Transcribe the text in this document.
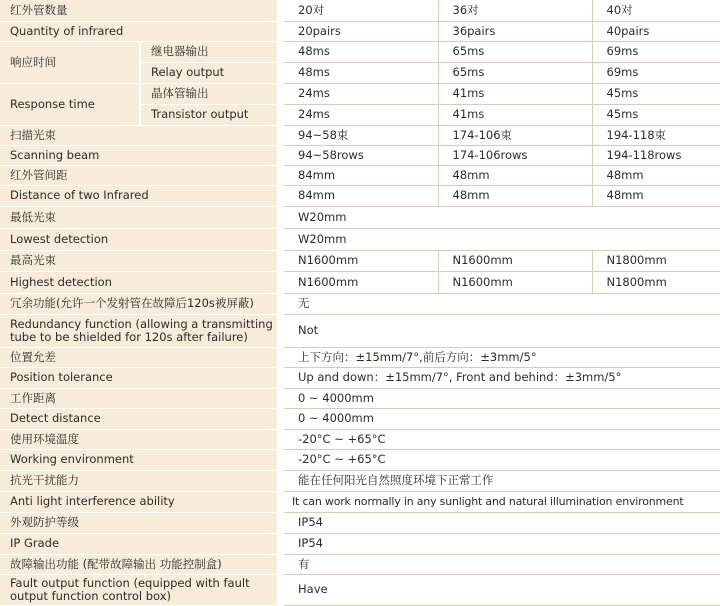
红外管数量			20对	36对	40对
Quantity of infrared			20pairs	36pairs	40pairs
响应时间	继电器输出		48ms	65ms	69ms
	Relay output		48ms	65ms	69ms
Response time	晶体管输出		24ms	41ms	45ms
	Transistor output		24ms	41ms	45ms
扫描光束			94~58束	174-106束	194-118束
Scanning beam			94~58rows	174-106rows	194-118rows
红外管间距			84mm	48mm	48mm
Distance of two Infrared			84mm	48mm	48mm
最低光束			W20mm		
Lowest detection			W20mm		
最高光束			N1600mm	N1600mm	N1800mm
Highest detection			N1600mm	N1600mm	N1800mm
冗余功能(允许一个发射管在故障后120s被屏蔽)			无		
Redundancy function (allowing a transmitting tube to be shielded for 120s after failure)			Not		
位置允差			上下方向：±15mm/7°,前后方向：±3mm/5°		
Position tolerance			Up and down：±15mm/7°, Front and behind：±3mm/5°		
工作距离			0 ~ 4000mm		
Detect distance			0 ~ 4000mm		
使用环境温度			-20°C ~ +65°C		
Working environment			-20°C ~ +65°C		
抗光干扰能力			能在任何阳光自然照度环境下正常工作		
Anti light interference ability			It can work normally in any sunlight and natural illumination environment		
外观防护等级			IP54		
IP Grade			IP54		
故障输出功能 (配带故障输出 功能控制盒)			有		
Fault output function (equipped with fault output function control box)			Have		
